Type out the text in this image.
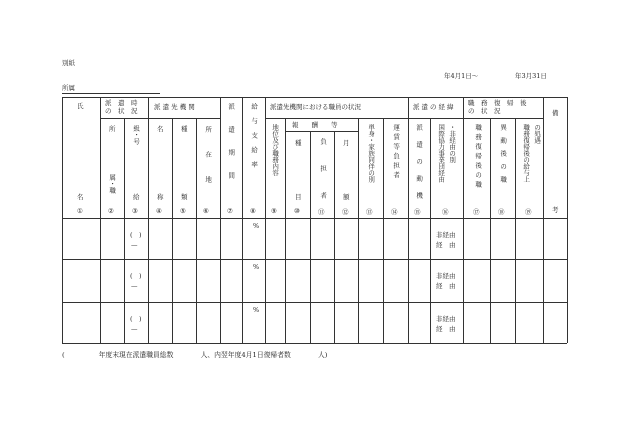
別紙
所属
年4月1日～	年3月31日
氏
名
①
派　遣　時
の　状　況
所
属・職
②
級・号
給
③
派 遣 先 機 関
名
称
④
種
類
⑤
所　在　地
⑥
派　遣　期　間
⑦
給与支給率
⑧
派遣先機関における職員の状況
地位及び職務内容
⑨
報　　酬　　等
種
目
⑩
負　担　者
⑪
月
額
⑫
単身・家族同伴の別
⑬
運賃等負担者
⑭
派遣の経緯
派　遣　の　動　機
⑮
国際協力事業団経由 ・非経由の別
⑯
職　務　復　帰　後
の　状　況
職務復帰後の職
⑰
異　動　後　の　職
⑱
職務復帰後の給与上 の処遇
⑲
備
考
(　)
—
%
非経由
経　由
(　)
—
%
非経由
経　由
(　)
—
%
非経由
経　由
(　　　　　年度末現在派遣職員総数　　　　人、内翌年度4月1日復帰者数　　　　人)
